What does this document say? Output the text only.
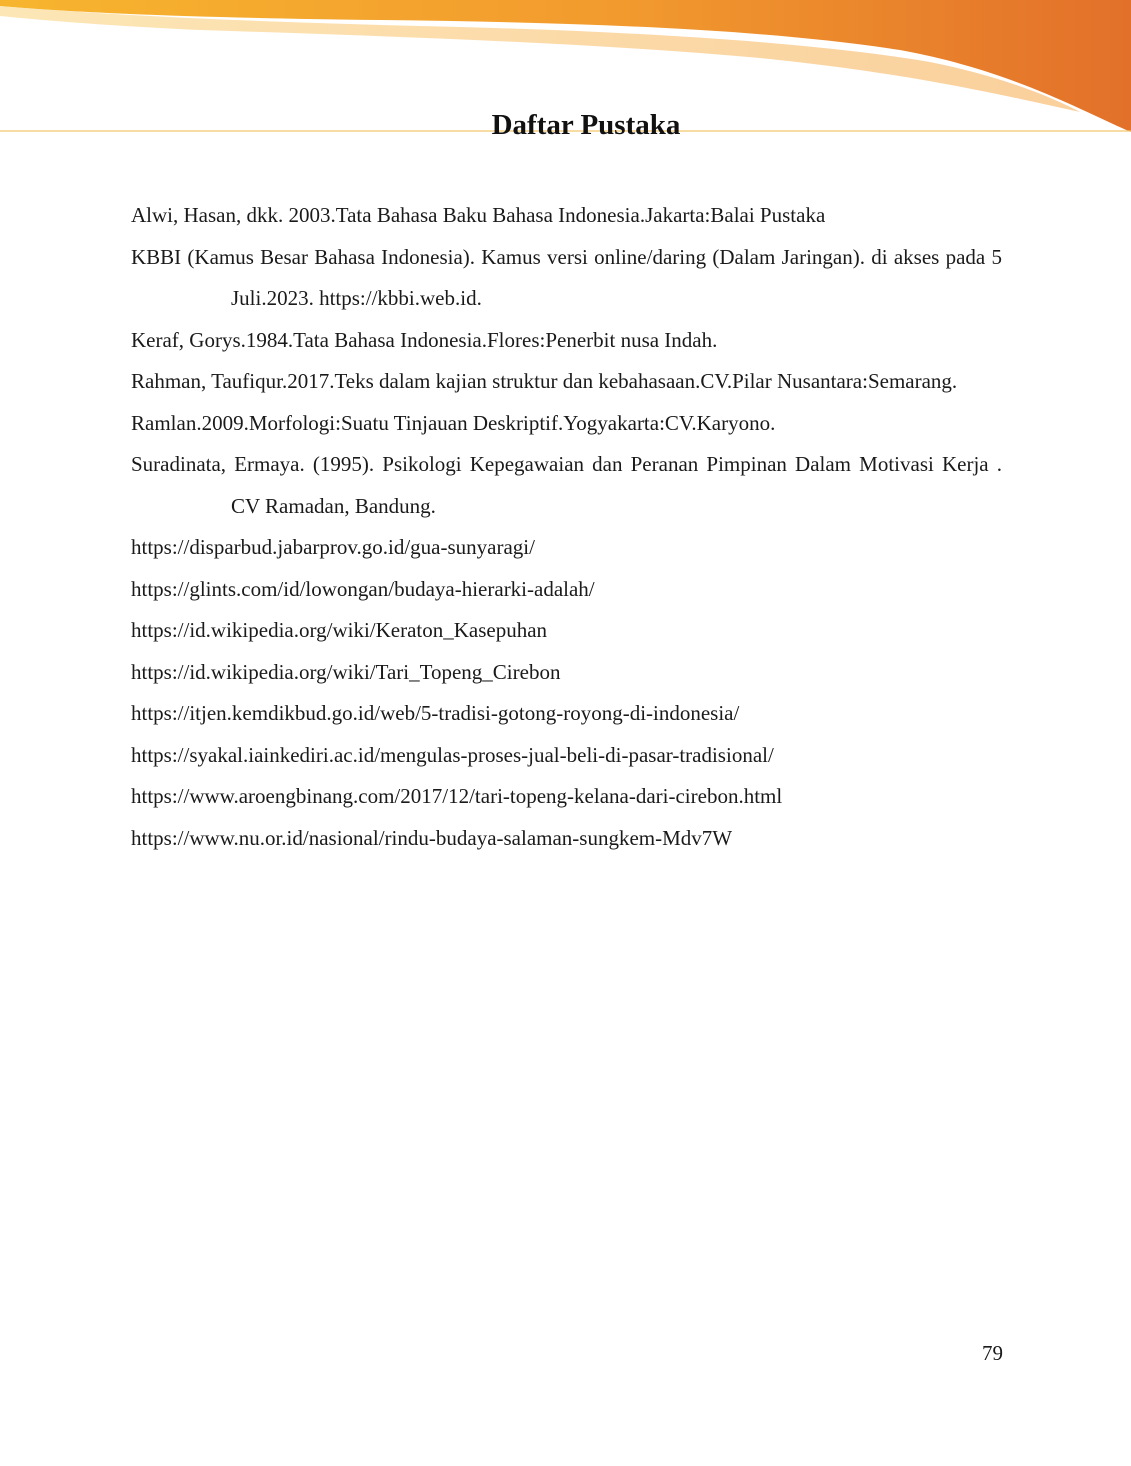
Daftar Pustaka
Alwi, Hasan, dkk. 2003.Tata Bahasa Baku Bahasa Indonesia.Jakarta:Balai Pustaka
KBBI (Kamus Besar Bahasa Indonesia). Kamus versi online/daring (Dalam Jaringan). di akses pada 5 Juli.2023. https://kbbi.web.id.
Keraf, Gorys.1984.Tata Bahasa Indonesia.Flores:Penerbit nusa Indah.
Rahman, Taufiqur.2017.Teks dalam kajian struktur dan kebahasaan.CV.Pilar Nusantara:Semarang.
Ramlan.2009.Morfologi:Suatu Tinjauan Deskriptif.Yogyakarta:CV.Karyono.
Suradinata, Ermaya. (1995). Psikologi Kepegawaian dan Peranan Pimpinan Dalam Motivasi Kerja . CV Ramadan, Bandung.
https://disparbud.jabarprov.go.id/gua-sunyaragi/
https://glints.com/id/lowongan/budaya-hierarki-adalah/
https://id.wikipedia.org/wiki/Keraton_Kasepuhan
https://id.wikipedia.org/wiki/Tari_Topeng_Cirebon
https://itjen.kemdikbud.go.id/web/5-tradisi-gotong-royong-di-indonesia/
https://syakal.iainkediri.ac.id/mengulas-proses-jual-beli-di-pasar-tradisional/
https://www.aroengbinang.com/2017/12/tari-topeng-kelana-dari-cirebon.html
https://www.nu.or.id/nasional/rindu-budaya-salaman-sungkem-Mdv7W
79
